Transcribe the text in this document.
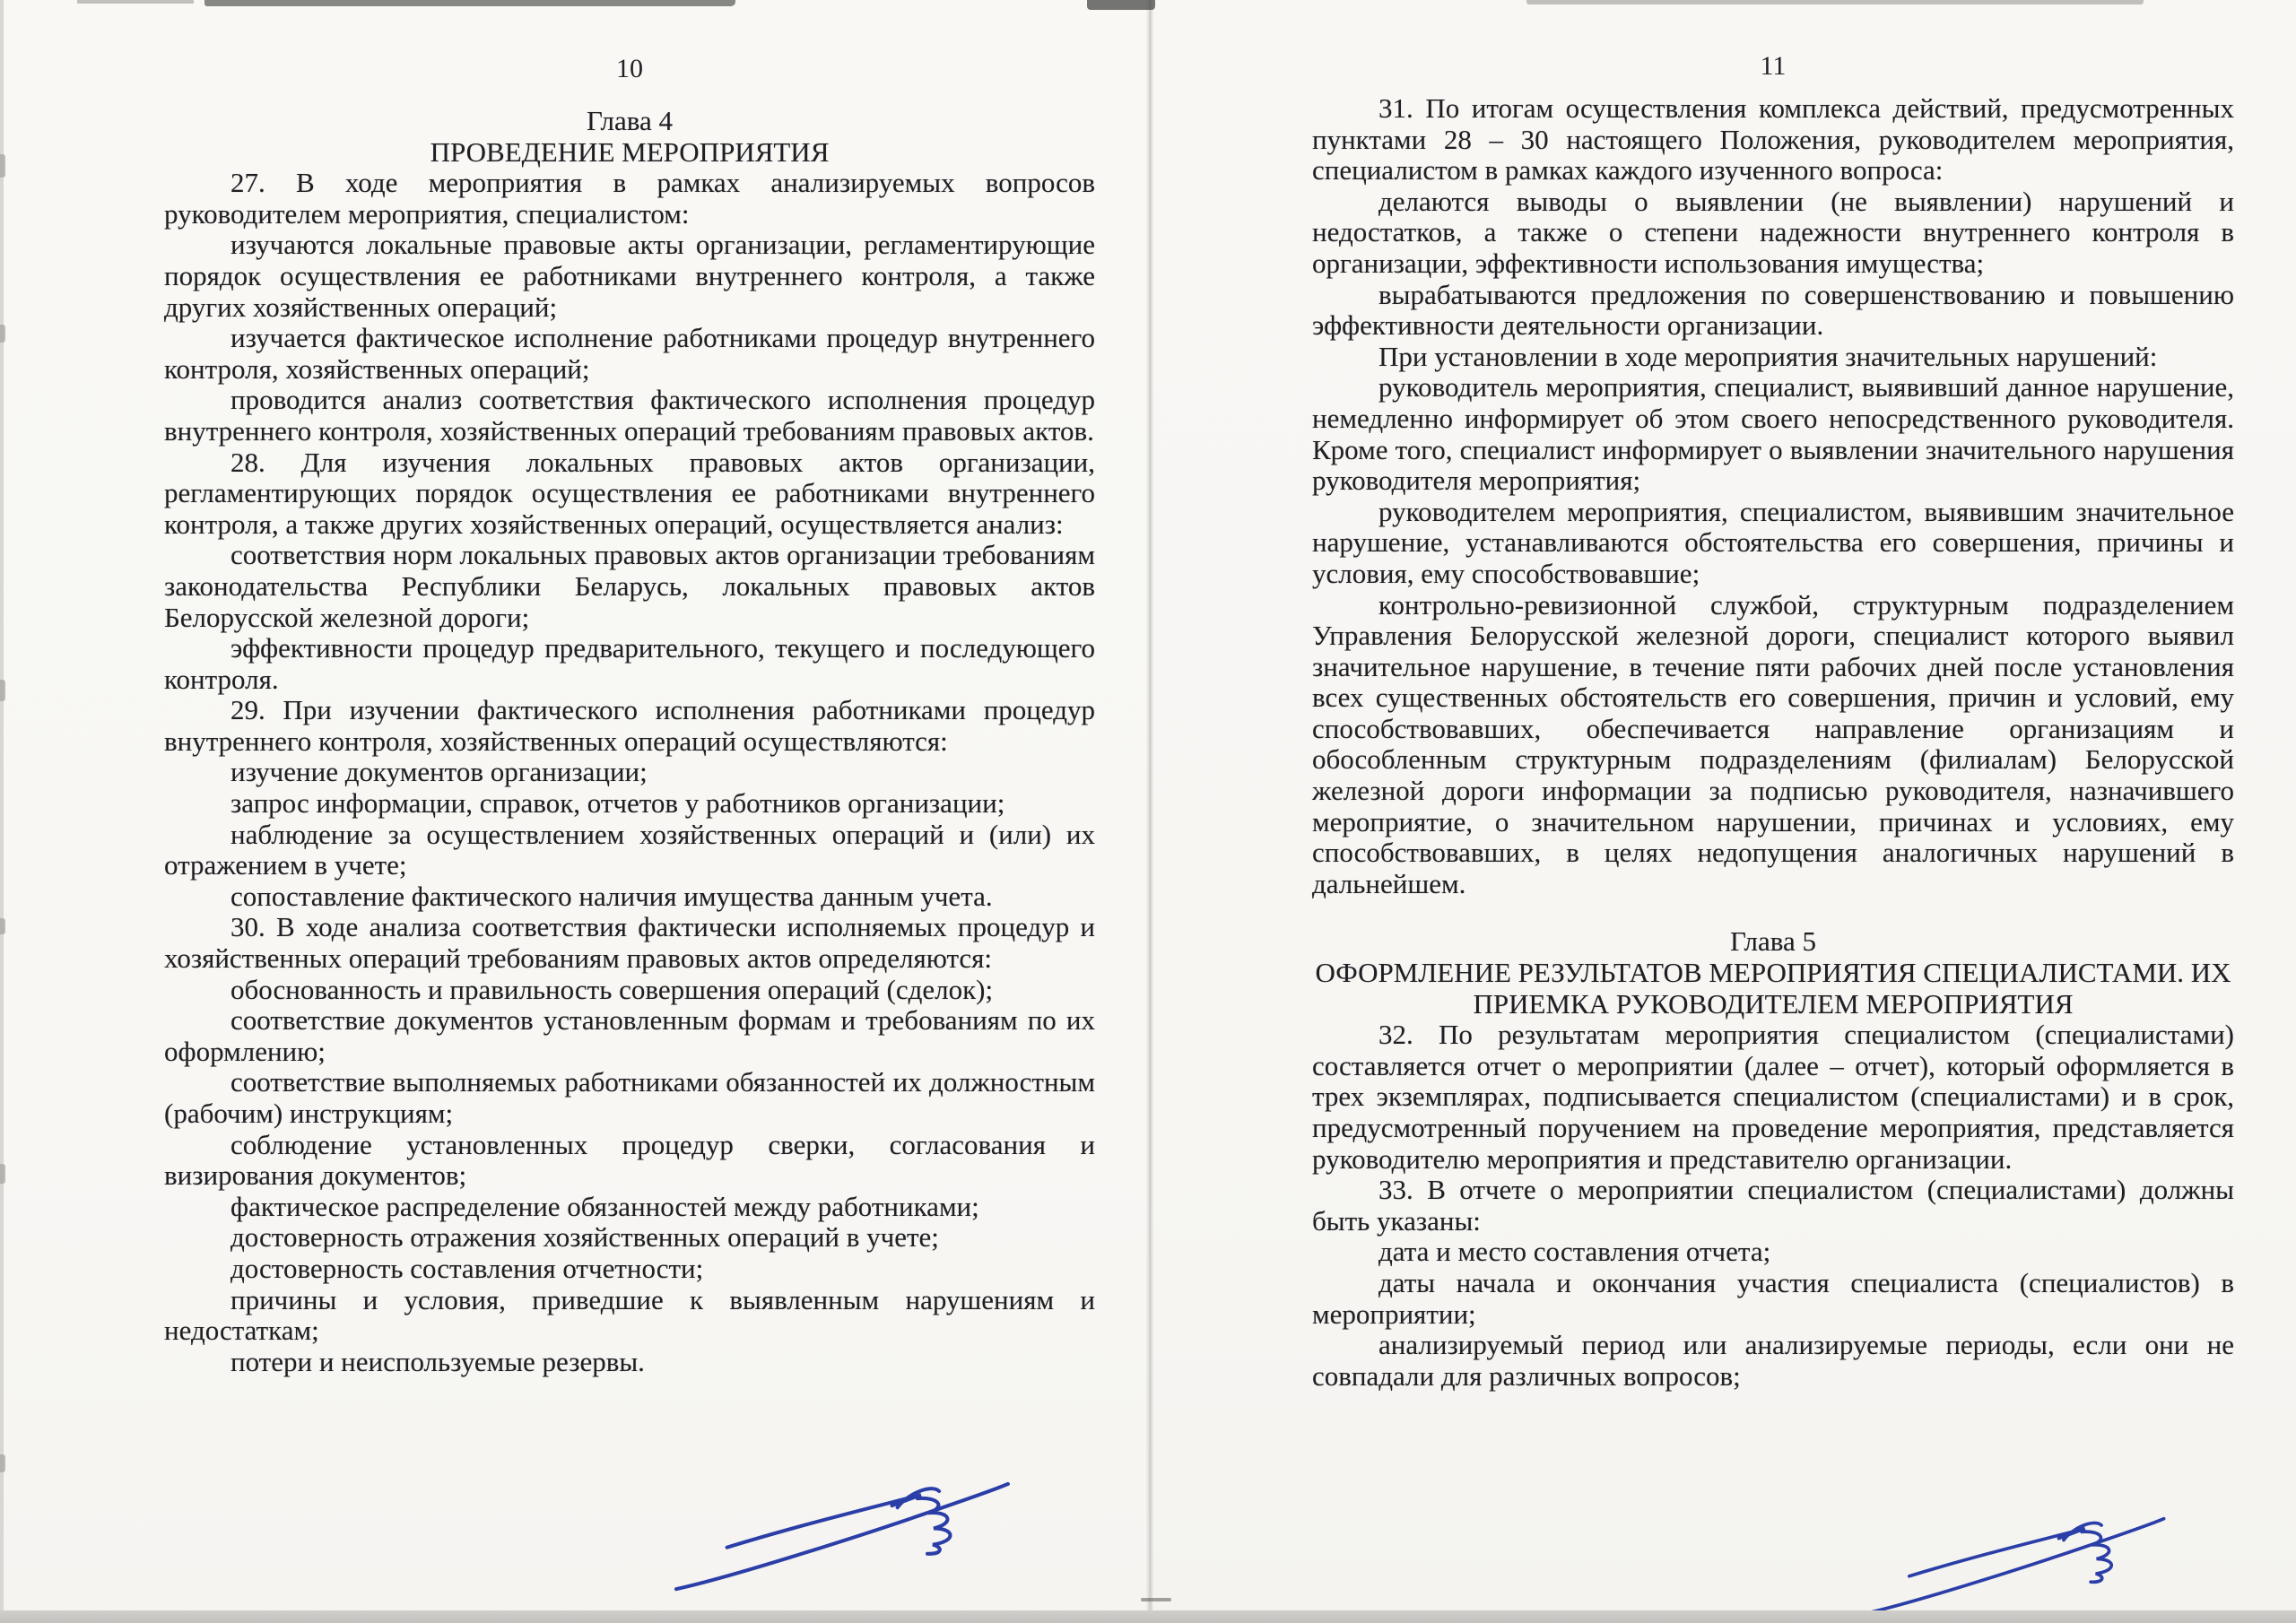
10

Глава 4

ПРОВЕДЕНИЕ МЕРОПРИЯТИЯ

27. В ходе мероприятия в рамках анализируемых вопросов руководителем мероприятия, специалистом:

изучаются локальные правовые акты организации, регламентирующие порядок осуществления ее работниками внутреннего контроля, а также других хозяйственных операций;

изучается фактическое исполнение работниками процедур внутреннего контроля, хозяйственных операций;

проводится анализ соответствия фактического исполнения процедур внутреннего контроля, хозяйственных операций требованиям правовых актов.

28. Для изучения локальных правовых актов организации, регламентирующих порядок осуществления ее работниками внутреннего контроля, а также других хозяйственных операций, осуществляется анализ:

соответствия норм локальных правовых актов организации требованиям законодательства Республики Беларусь, локальных правовых актов Белорусской железной дороги;

эффективности процедур предварительного, текущего и последующего контроля.

29. При изучении фактического исполнения работниками процедур внутреннего контроля, хозяйственных операций осуществляются:

изучение документов организации;

запрос информации, справок, отчетов у работников организации;

наблюдение за осуществлением хозяйственных операций и (или) их отражением в учете;

сопоставление фактического наличия имущества данным учета.

30. В ходе анализа соответствия фактически исполняемых процедур и хозяйственных операций требованиям правовых актов определяются:

обоснованность и правильность совершения операций (сделок);

соответствие документов установленным формам и требованиям по их оформлению;

соответствие выполняемых работниками обязанностей их должностным (рабочим) инструкциям;

соблюдение установленных процедур сверки, согласования и визирования документов;

фактическое распределение обязанностей между работниками;

достоверность отражения хозяйственных операций в учете;

достоверность составления отчетности;

причины и условия, приведшие к выявленным нарушениям и недостаткам;

потери и неиспользуемые резервы.

11

31. По итогам осуществления комплекса действий, предусмотренных пунктами 28 – 30 настоящего Положения, руководителем мероприятия, специалистом в рамках каждого изученного вопроса:

делаются выводы о выявлении (не выявлении) нарушений и недостатков, а также о степени надежности внутреннего контроля в организации, эффективности использования имущества;

вырабатываются предложения по совершенствованию и повышению эффективности деятельности организации.

При установлении в ходе мероприятия значительных нарушений:

руководитель мероприятия, специалист, выявивший данное нарушение, немедленно информирует об этом своего непосредственного руководителя. Кроме того, специалист информирует о выявлении значительного нарушения руководителя мероприятия;

руководителем мероприятия, специалистом, выявившим значительное нарушение, устанавливаются обстоятельства его совершения, причины и условия, ему способствовавшие;

контрольно-ревизионной службой, структурным подразделением Управления Белорусской железной дороги, специалист которого выявил значительное нарушение, в течение пяти рабочих дней после установления всех существенных обстоятельств его совершения, причин и условий, ему способствовавших, обеспечивается направление организациям и обособленным структурным подразделениям (филиалам) Белорусской железной дороги информации за подписью руководителя, назначившего мероприятие, о значительном нарушении, причинах и условиях, ему способствовавших, в целях недопущения аналогичных нарушений в дальнейшем.

Глава 5

ОФОРМЛЕНИЕ РЕЗУЛЬТАТОВ МЕРОПРИЯТИЯ СПЕЦИАЛИСТАМИ. ИХ ПРИЕМКА РУКОВОДИТЕЛЕМ МЕРОПРИЯТИЯ

32. По результатам мероприятия специалистом (специалистами) составляется отчет о мероприятии (далее – отчет), который оформляется в трех экземплярах, подписывается специалистом (специалистами) и в срок, предусмотренный поручением на проведение мероприятия, представляется руководителю мероприятия и представителю организации.

33. В отчете о мероприятии специалистом (специалистами) должны быть указаны:

дата и место составления отчета;

даты начала и окончания участия специалиста (специалистов) в мероприятии;

анализируемый период или анализируемые периоды, если они не совпадали для различных вопросов;
